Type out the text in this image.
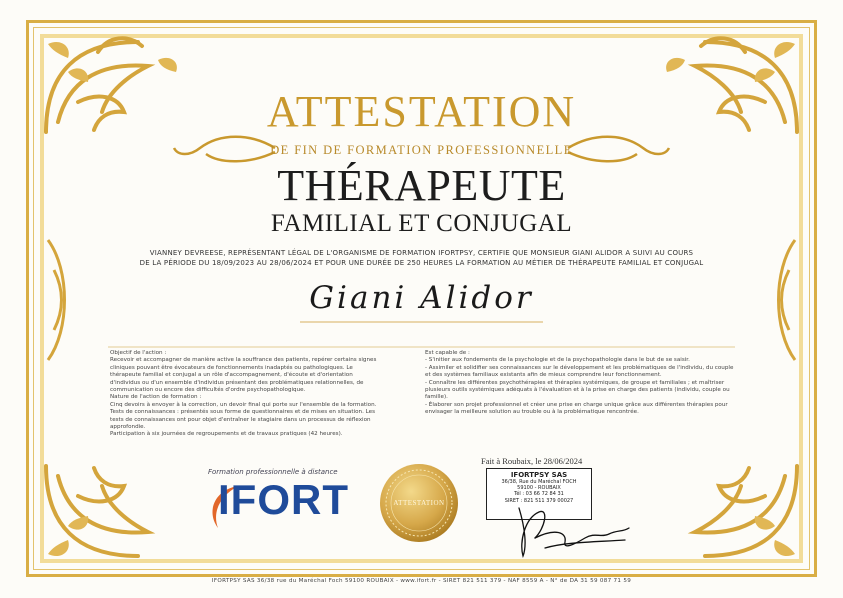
ATTESTATION
DE FIN DE FORMATION PROFESSIONNELLE
THÉRAPEUTE
FAMILIAL ET CONJUGAL
VIANNEY DEVREESE, REPRÉSENTANT LÉGAL DE L'ORGANISME DE FORMATION IFORTPSY, CERTIFIE QUE MONSIEUR GIANI ALIDOR A SUIVI AU COURS
DE LA PÉRIODE DU 18/09/2023 AU 28/06/2024 ET POUR UNE DURÉE DE 250 HEURES LA FORMATION AU MÉTIER DE THÉRAPEUTE FAMILIAL ET CONJUGAL
Giani Alidor

Objectif de l'action :

Recevoir et accompagner de manière active la souffrance des patients, repérer certains signes cliniques pouvant être évocateurs de fonctionnements inadaptés ou pathologiques. Le thérapeute familial et conjugal a un rôle d'accompagnement, d'écoute et d'orientation d'individus ou d'un ensemble d'individus présentant des problématiques relationnelles, de communication ou encore des difficultés d'ordre psychopathologique.

Nature de l'action de formation :

Cinq devoirs à envoyer à la correction, un devoir final qui porte sur l'ensemble de la formation. Tests de connaissances : présentés sous forme de questionnaires et de mises en situation. Les tests de connaissances ont pour objet d'entraîner le stagiaire dans un processus de réflexion approfondie.

Participation à six journées de regroupements et de travaux pratiques (42 heures).

Est capable de :

- S'initier aux fondements de la psychologie et de la psychopathologie dans le but de se saisir.

- Assimiler et solidifier ses connaissances sur le développement et les problématiques de l'individu, du couple et des systèmes familiaux existants afin de mieux comprendre leur fonctionnement.

- Connaître les différentes psychothérapies et thérapies systémiques, de groupe et familiales ; et maîtriser plusieurs outils systémiques adéquats à l'évaluation et à la prise en charge des patients (individu, couple ou famille).

- Élaborer son projet professionnel et créer une prise en charge unique grâce aux différentes thérapies pour envisager la meilleure solution au trouble ou à la problématique rencontrée.

Formation professionnelle à distance
IFORT	ATTESTATION
Fait à Roubaix, le 28/06/2024
IFORTPSY SAS
36/38, Rue du Maréchal FOCH
59100 - ROUBAIX
Tél : 03 66 72 84 31
SIRET : 821 511 379 00027
IFORTPSY SAS 36/38 rue du Maréchal Foch 59100 ROUBAIX - www.ifort.fr - SIRET 821 511 379 - NAF 8559 A - N° de DA 31 59 087 71 59
